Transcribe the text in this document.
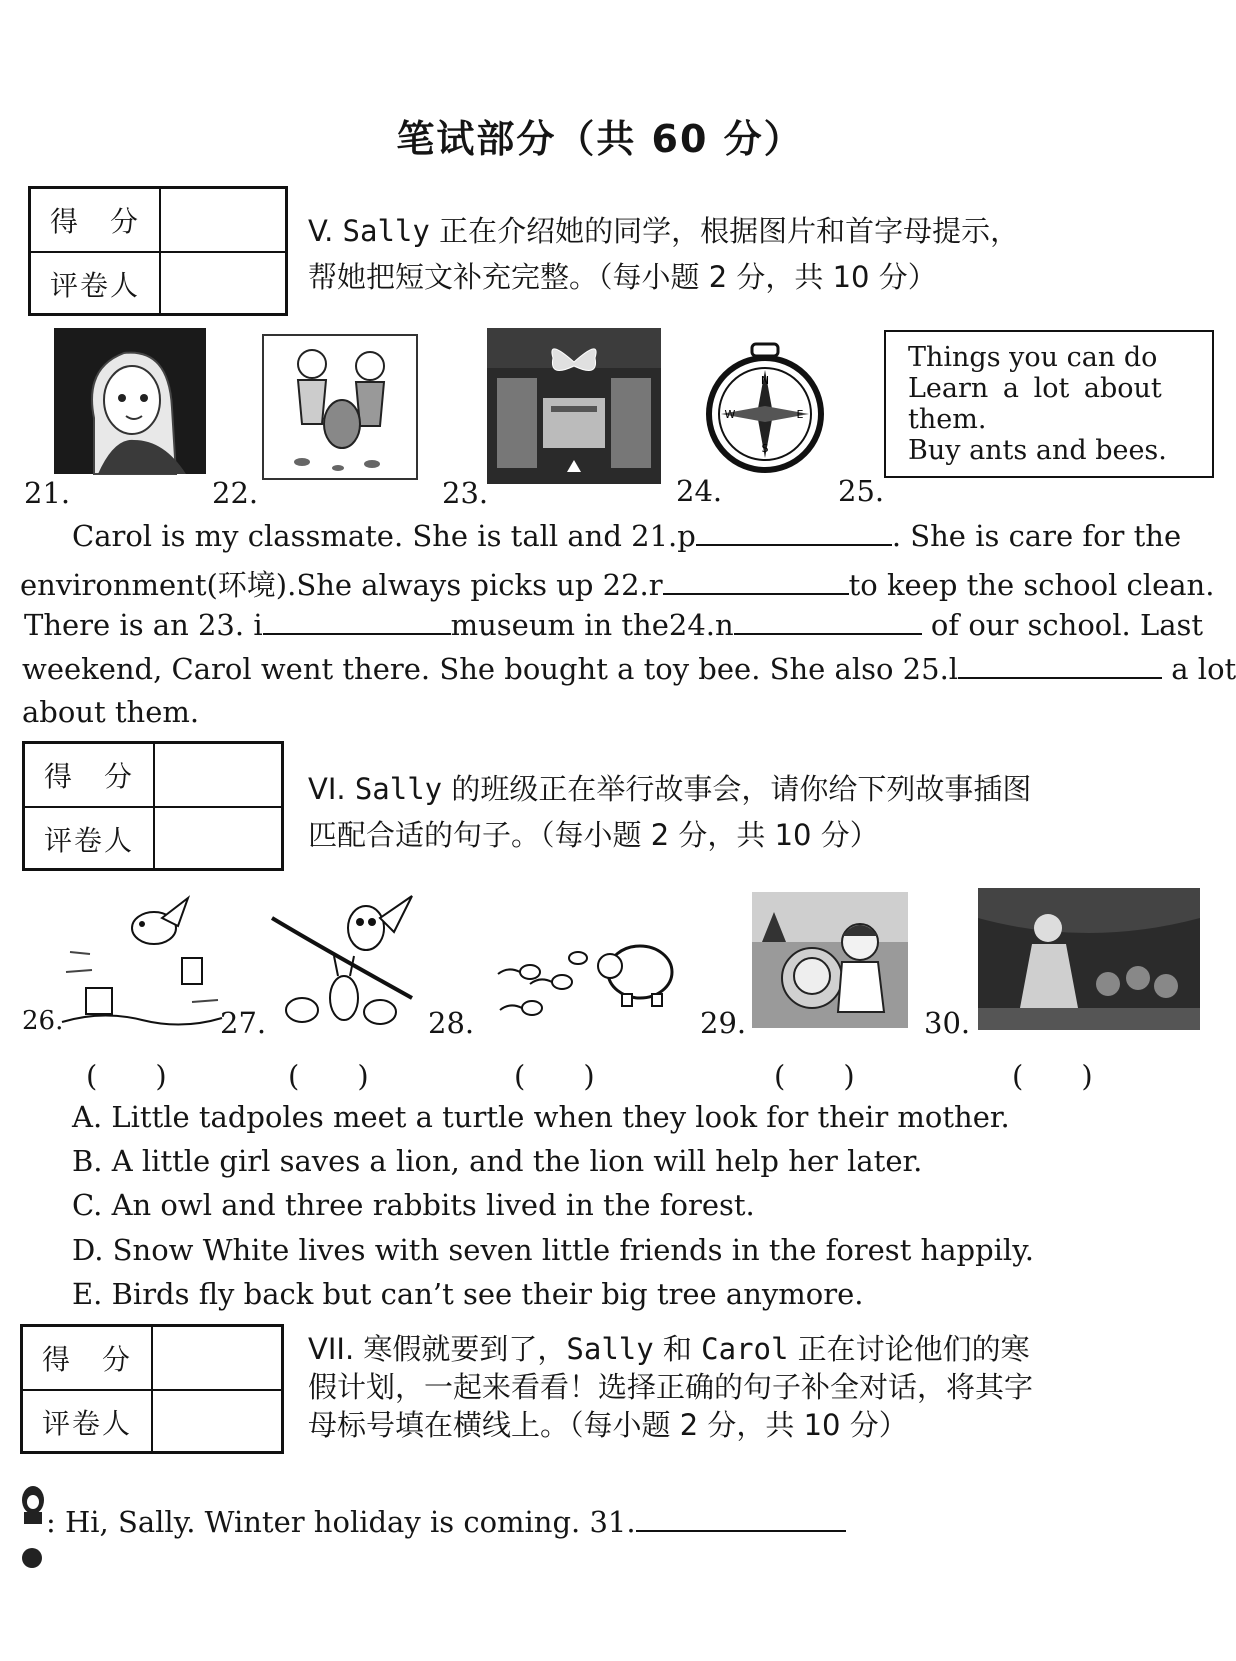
笔试部分（共 60 分）
得　分
评卷人
V. Sally 正在介绍她的同学，根据图片和首字母提示，
帮她把短文补充完整。（每小题 2 分，共 10 分）
21.	22.	23.
N
E
S
W
24.	25.
Things you can do
Learn a lot about
them.
Buy ants and bees.
Carol is my classmate. She is tall and 21.p	. She is care for the
environment(环境).She always picks up 22.r	to keep the school clean.
There is an 23. i	museum in the24.n	of our school. Last
weekend, Carol went there. She bought a toy bee. She also 25.l	a lot
about them.
得　分
评卷人
VI. Sally 的班级正在举行故事会，请你给下列故事插图
匹配合适的句子。（每小题 2 分，共 10 分）
26.	27.	28.	29.	30.
(　　)	(　　)	(　　)	(　　)	(　　)
A. Little tadpoles meet a turtle when they look for their mother.
B. A little girl saves a lion, and the lion will help her later.
C. An owl and three rabbits lived in the forest.
D. Snow White lives with seven little friends in the forest happily.
E. Birds fly back but can’t see their big tree anymore.
得　分
评卷人
VII. 寒假就要到了，Sally 和 Carol 正在讨论他们的寒
假计划，一起来看看！选择正确的句子补全对话，将其字
母标号填在横线上。（每小题 2 分，共 10 分）
: Hi, Sally. Winter holiday is coming. 31.
